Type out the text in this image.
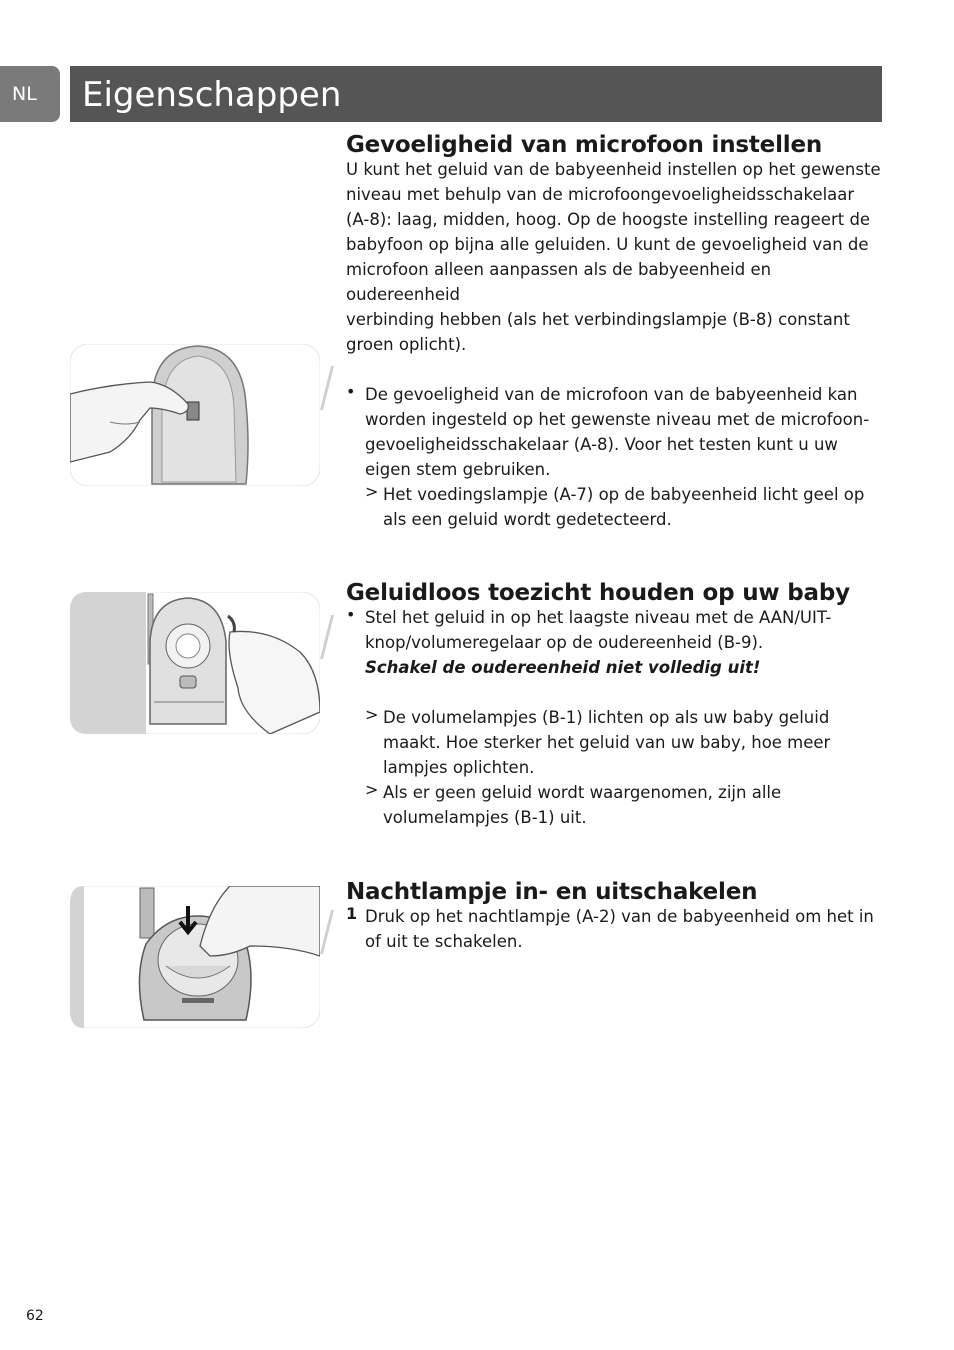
NL	Eigenschappen
Gevoeligheid van microfoon instellen
U kunt het geluid van de babyeenheid instellen op het gewenste
niveau met behulp van de microfoongevoeligheidsschakelaar
(A-8): laag, midden, hoog. Op de hoogste instelling reageert de
babyfoon op bijna alle geluiden. U kunt de gevoeligheid van de
microfoon alleen aanpassen als de babyeenheid en oudereenheid
verbinding hebben (als het verbindingslampje (B-8) constant
groen oplicht).
• De gevoeligheid van de microfoon van de babyeenheid kan
worden ingesteld op het gewenste niveau met de microfoon-
gevoeligheidsschakelaar (A-8). Voor het testen kunt u uw
eigen stem gebruiken.
> Het voedingslampje (A-7) op de babyeenheid licht geel op
als een geluid wordt gedetecteerd.
Geluidloos toezicht houden op uw baby
• Stel het geluid in op het laagste niveau met de AAN/UIT-
knop/volumeregelaar op de oudereenheid (B-9).
Schakel de oudereenheid niet volledig uit!
> De volumelampjes (B-1) lichten op als uw baby geluid
maakt. Hoe sterker het geluid van uw baby, hoe meer
lampjes oplichten.
> Als er geen geluid wordt waargenomen, zijn alle
volumelampjes (B-1) uit.
Nachtlampje in- en uitschakelen
1 Druk op het nachtlampje (A-2) van de babyeenheid om het in
of uit te schakelen.
62
